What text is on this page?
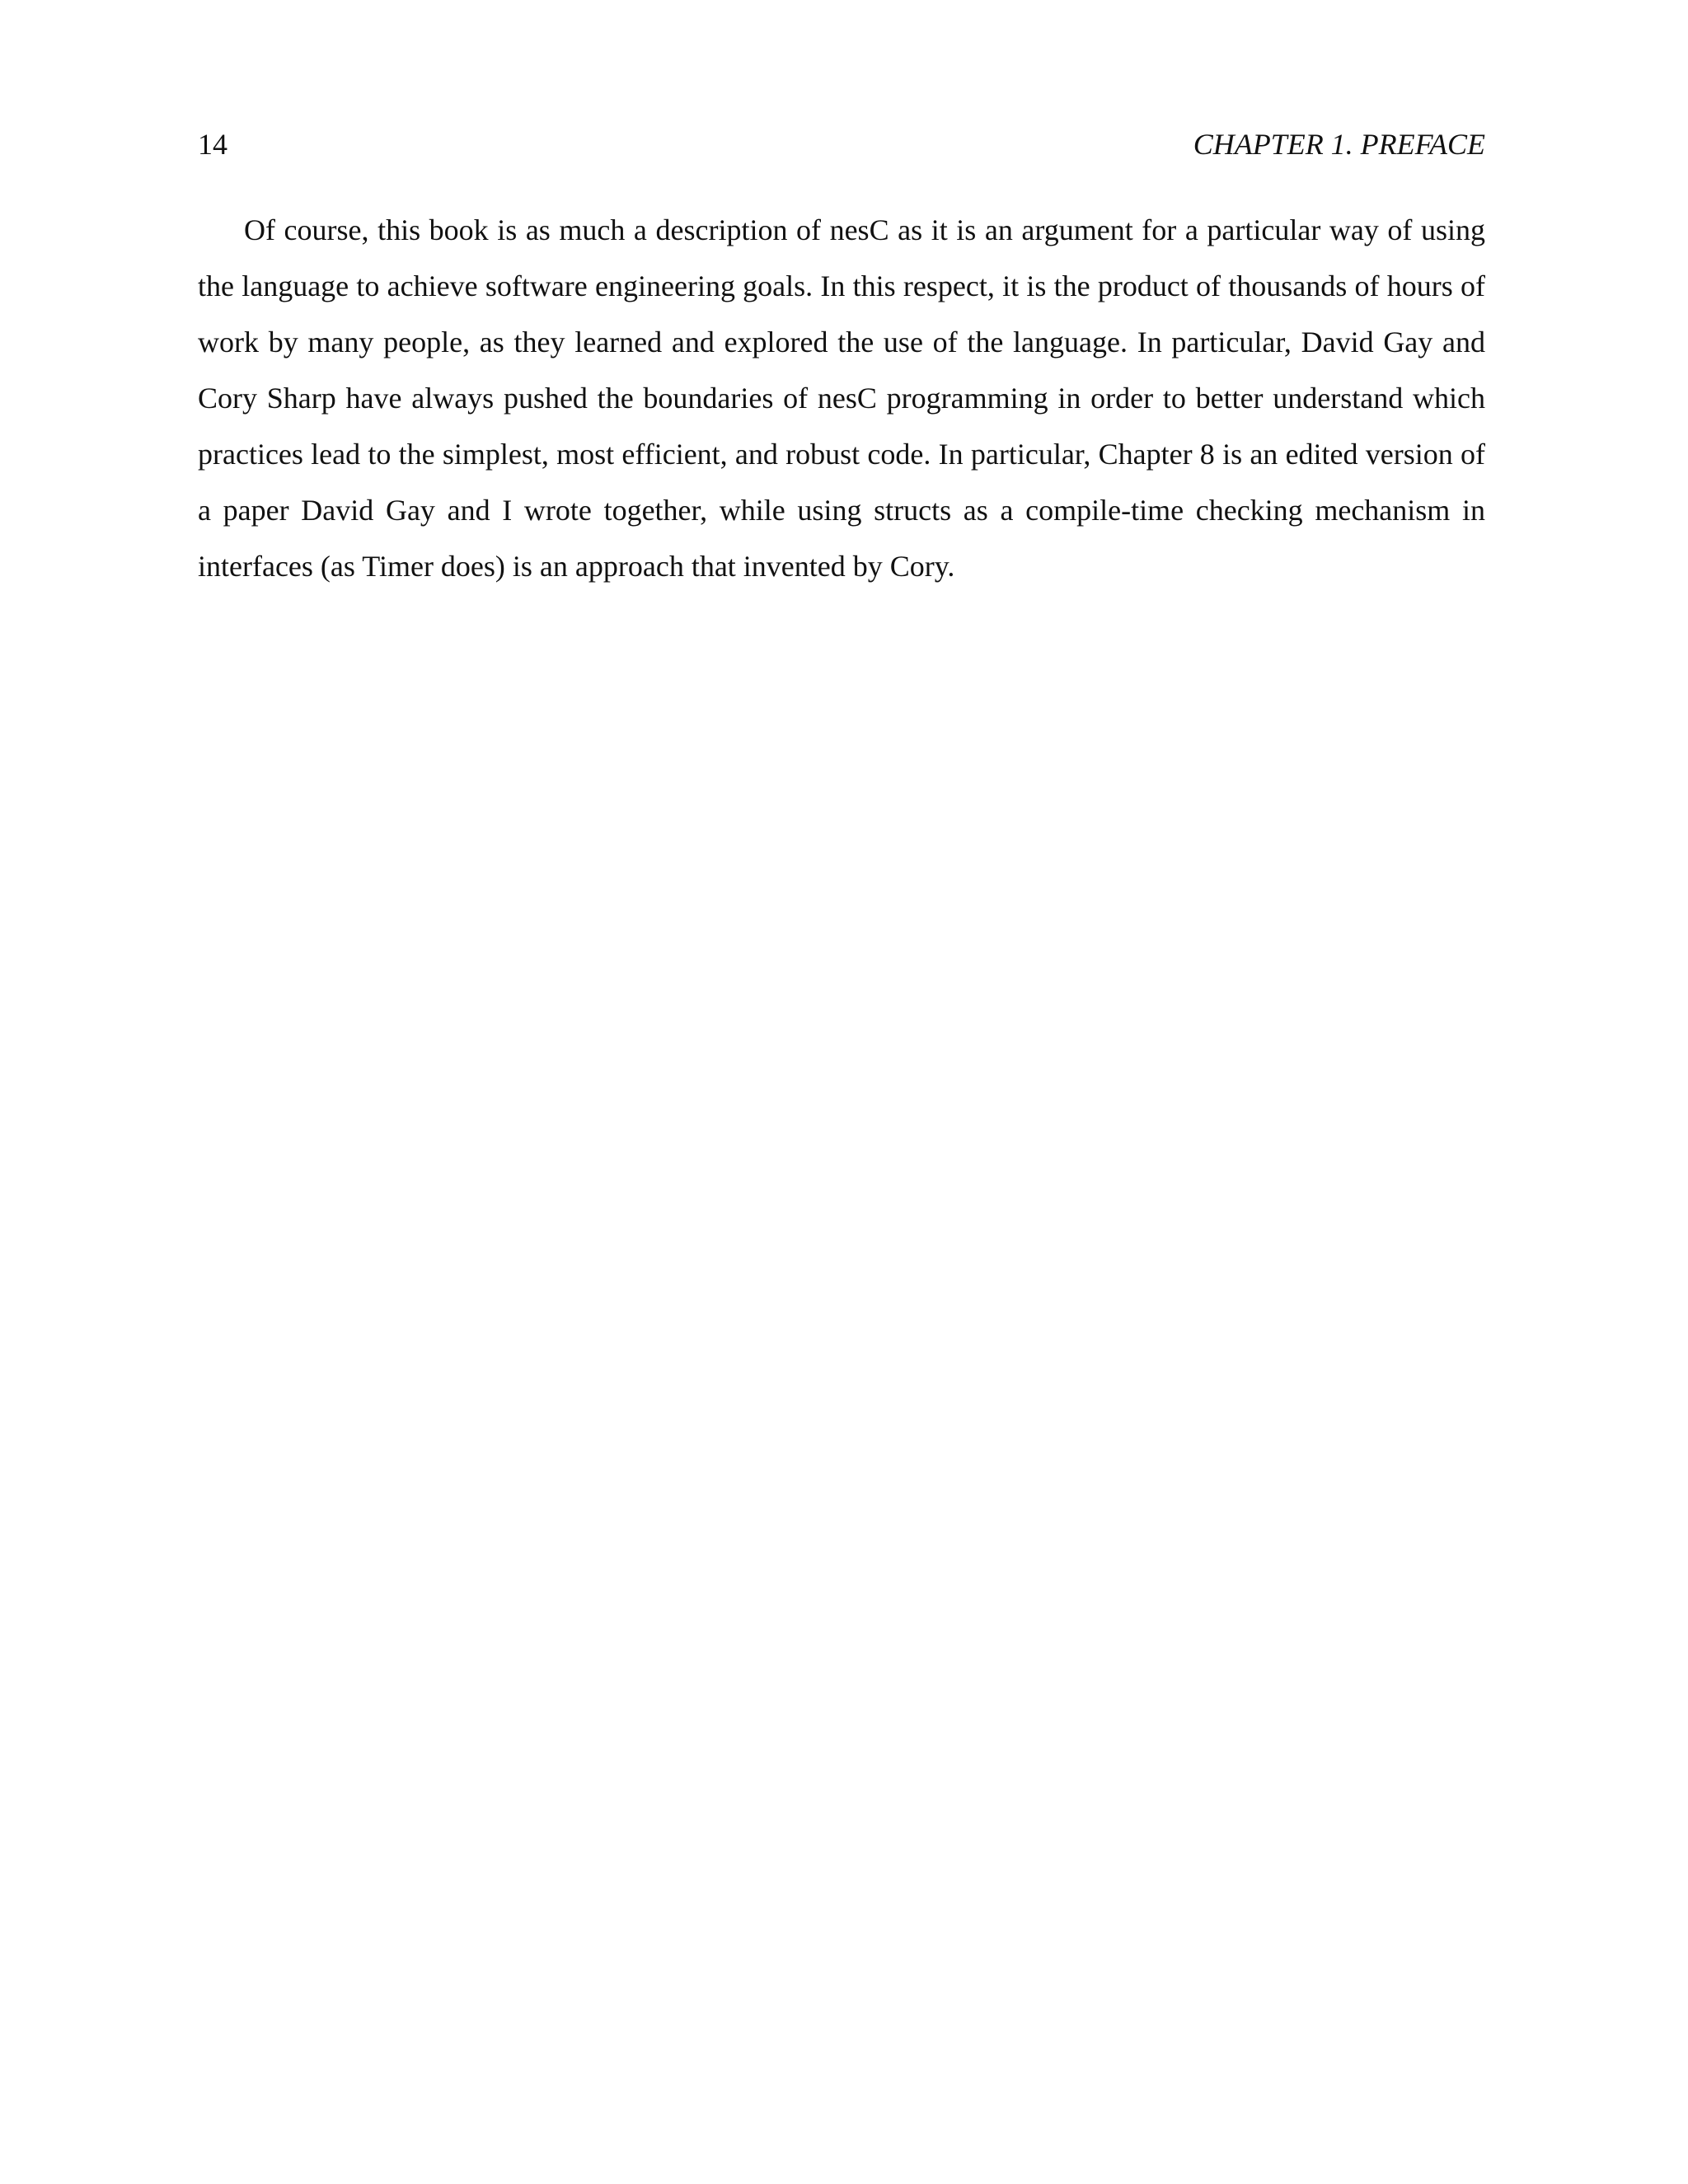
14	CHAPTER 1. PREFACE

Of course, this book is as much a description of nesC as it is an argument for a particular way of using the language to achieve software engineering goals. In this respect, it is the product of thousands of hours of work by many people, as they learned and explored the use of the language. In particular, David Gay and Cory Sharp have always pushed the boundaries of nesC programming in order to better understand which practices lead to the simplest, most efficient, and robust code. In particular, Chapter 8 is an edited version of a paper David Gay and I wrote together, while using structs as a compile-time checking mechanism in interfaces (as Timer does) is an approach that invented by Cory.
